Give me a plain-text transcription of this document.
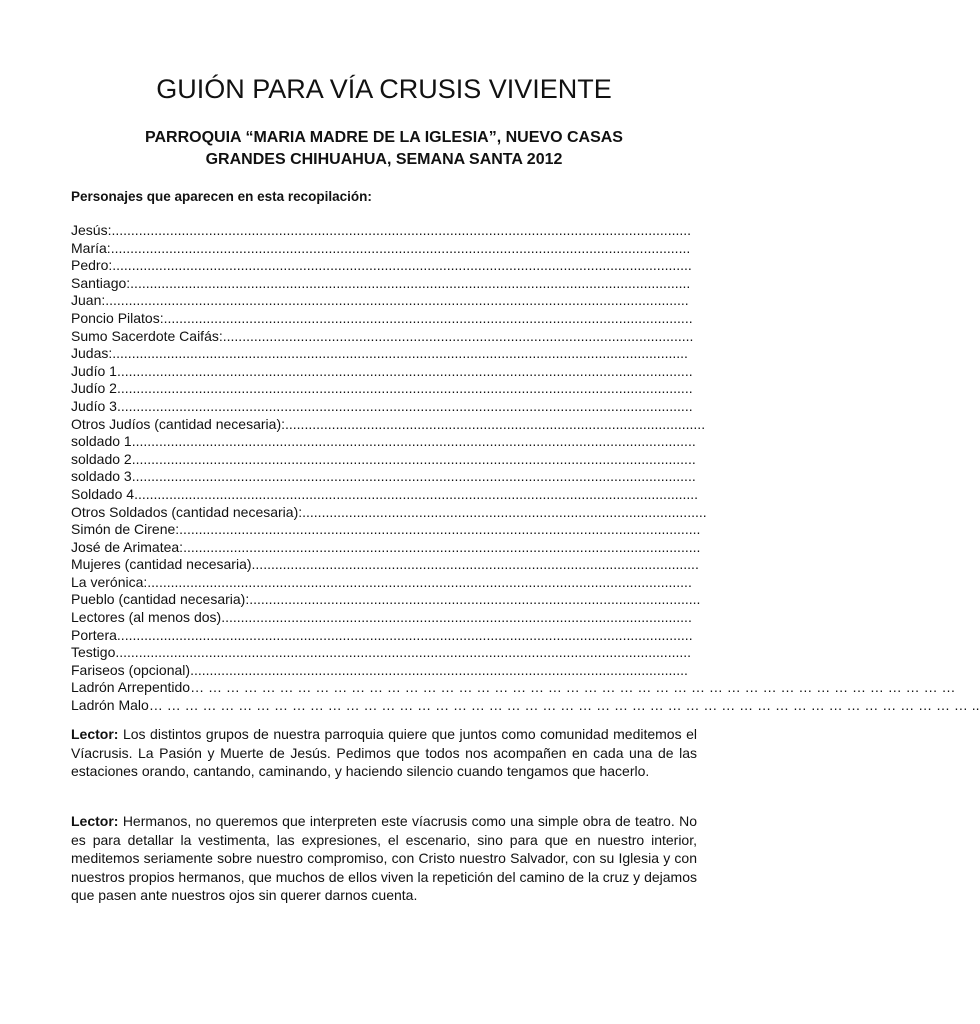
GUIÓN PARA VÍA CRUSIS VIVIENTE
PARROQUIA “MARIA MADRE DE LA IGLESIA”, NUEVO CASAS
GRANDES CHIHUAHUA, SEMANA SANTA 2012
Personajes que aparecen en esta recopilación:
Jesús: .....................................................................................................................................................
María: .....................................................................................................................................................
Pedro: .....................................................................................................................................................
Santiago: ................................................................................................................................................
Juan: ......................................................................................................................................................
Poncio Pilatos: ........................................................................................................................................
Sumo Sacerdote Caifás: .........................................................................................................................
Judas: ....................................................................................................................................................
Judío 1 ....................................................................................................................................................
Judío 2 ....................................................................................................................................................
Judío 3 ....................................................................................................................................................
Otros Judíos (cantidad necesaria): ............................................................................................................
soldado 1 .................................................................................................................................................
soldado 2 .................................................................................................................................................
soldado 3 .................................................................................................................................................
Soldado 4 .................................................................................................................................................
Otros Soldados (cantidad necesaria): ........................................................................................................
Simón de Cirene: ......................................................................................................................................
José de Arimatea: .....................................................................................................................................
Mujeres (cantidad necesaria) ...................................................................................................................
La verónica: ............................................................................................................................................
Pueblo (cantidad necesaria): ....................................................................................................................
Lectores (al menos dos) .........................................................................................................................
Portera ....................................................................................................................................................
Testigo ....................................................................................................................................................
Fariseos (opcional) ................................................................................................................................
Ladrón Arrepentido … … … … … … … … … … … … … … … … … … … … … … … … … … … … … … … … … … … … … … … … … … …
Ladrón Malo … … … … … … … … … … … … … … … … … … … … … … … … … … … … … … … … … … … … … … … … … … … … … … ..

Lector: Los distintos grupos de nuestra parroquia quiere que juntos como comunidad meditemos el Víacrusis. La Pasión y Muerte de Jesús. Pedimos que todos nos acompañen en cada una de las estaciones orando, cantando, caminando, y haciendo silencio cuando tengamos que hacerlo.

Lector: Hermanos, no queremos que interpreten este víacrusis como una simple obra de teatro. No es para detallar la vestimenta, las expresiones, el escenario, sino para que en nuestro interior, meditemos seriamente sobre nuestro compromiso, con Cristo nuestro Salvador, con su Iglesia y con nuestros propios hermanos, que muchos de ellos viven la repetición del camino de la cruz y dejamos que pasen ante nuestros ojos sin querer darnos cuenta.
